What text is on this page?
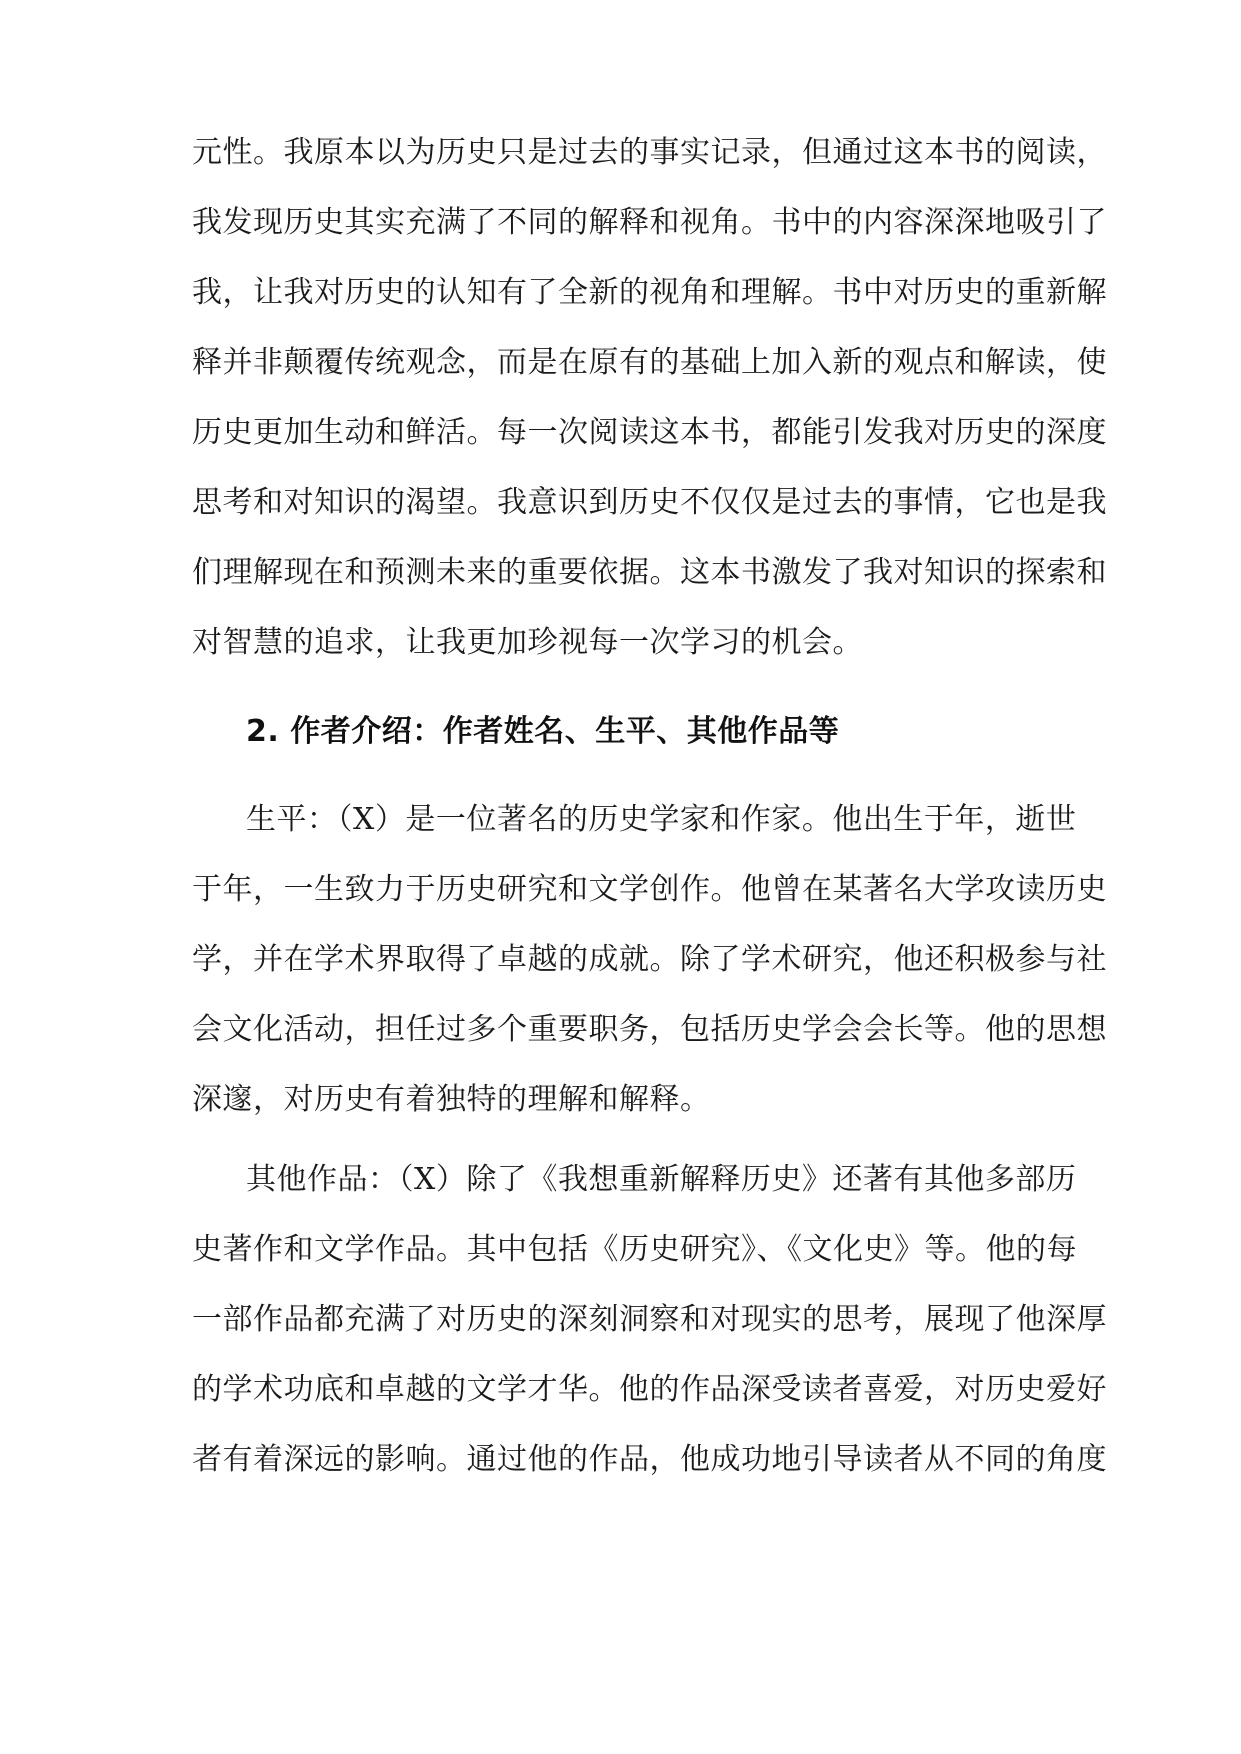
元性。我原本以为历史只是过去的事实记录，但通过这本书的阅读，
我发现历史其实充满了不同的解释和视角。书中的内容深深地吸引了
我，让我对历史的认知有了全新的视角和理解。书中对历史的重新解
释并非颠覆传统观念，而是在原有的基础上加入新的观点和解读，使
历史更加生动和鲜活。每一次阅读这本书，都能引发我对历史的深度
思考和对知识的渴望。我意识到历史不仅仅是过去的事情，它也是我
们理解现在和预测未来的重要依据。这本书激发了我对知识的探索和
对智慧的追求，让我更加珍视每一次学习的机会。
2. 作者介绍：作者姓名、生平、其他作品等
生平：（X）是一位著名的历史学家和作家。他出生于年，逝世
于年，一生致力于历史研究和文学创作。他曾在某著名大学攻读历史
学，并在学术界取得了卓越的成就。除了学术研究，他还积极参与社
会文化活动，担任过多个重要职务，包括历史学会会长等。他的思想
深邃，对历史有着独特的理解和解释。
其他作品：（X）除了《我想重新解释历史》还著有其他多部历
史著作和文学作品。其中包括《历史研究》、《文化史》等。他的每
一部作品都充满了对历史的深刻洞察和对现实的思考，展现了他深厚
的学术功底和卓越的文学才华。他的作品深受读者喜爱，对历史爱好
者有着深远的影响。通过他的作品，他成功地引导读者从不同的角度
